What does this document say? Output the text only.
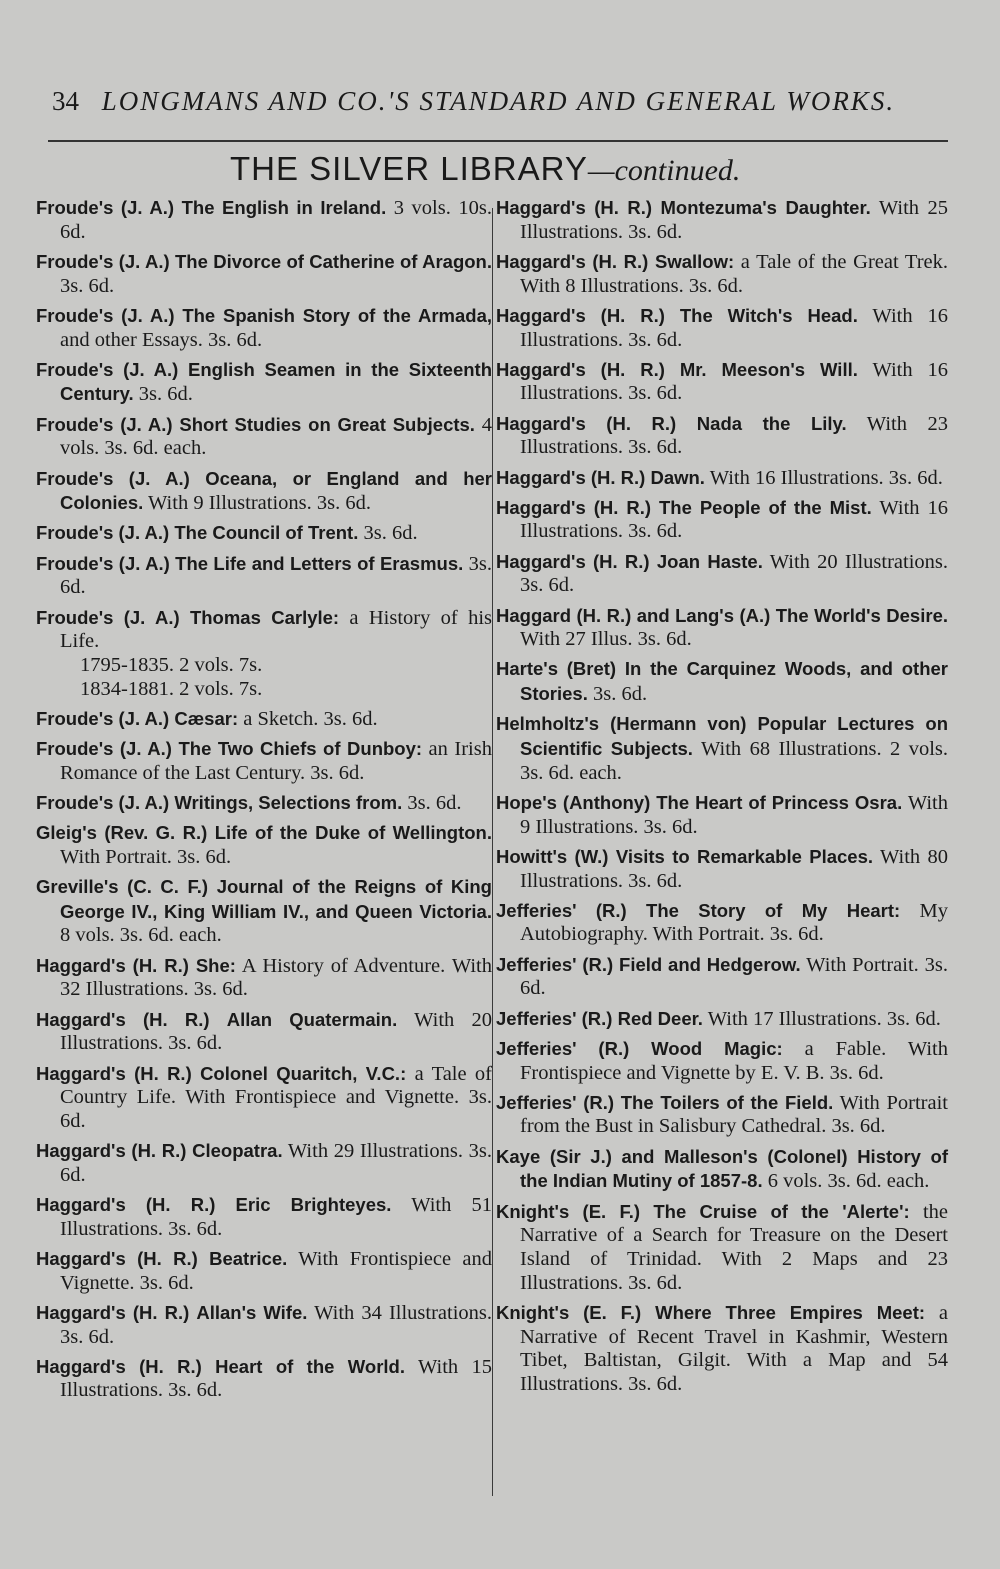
34 LONGMANS AND CO.'S STANDARD AND GENERAL WORKS.
THE SILVER LIBRARY—continued.
Froude's (J. A.) The English in Ireland. 3 vols. 10s. 6d.
Froude's (J. A.) The Divorce of Catherine of Aragon. 3s. 6d.
Froude's (J. A.) The Spanish Story of the Armada, and other Essays. 3s. 6d.
Froude's (J. A.) English Seamen in the Sixteenth Century. 3s. 6d.
Froude's (J. A.) Short Studies on Great Subjects. 4 vols. 3s. 6d. each.
Froude's (J. A.) Oceana, or England and her Colonies. With 9 Illustrations. 3s. 6d.
Froude's (J. A.) The Council of Trent. 3s. 6d.
Froude's (J. A.) The Life and Letters of Erasmus. 3s. 6d.
Froude's (J. A.) Thomas Carlyle: a History of his Life.
1795-1835. 2 vols. 7s.
1834-1881. 2 vols. 7s.
Froude's (J. A.) Cæsar: a Sketch. 3s. 6d.
Froude's (J. A.) The Two Chiefs of Dunboy: an Irish Romance of the Last Century. 3s. 6d.
Froude's (J. A.) Writings, Selections from. 3s. 6d.
Gleig's (Rev. G. R.) Life of the Duke of Wellington. With Portrait. 3s. 6d.
Greville's (C. C. F.) Journal of the Reigns of King George IV., King William IV., and Queen Victoria. 8 vols. 3s. 6d. each.
Haggard's (H. R.) She: A History of Adventure. With 32 Illustrations. 3s. 6d.
Haggard's (H. R.) Allan Quatermain. With 20 Illustrations. 3s. 6d.
Haggard's (H. R.) Colonel Quaritch, V.C.: a Tale of Country Life. With Frontispiece and Vignette. 3s. 6d.
Haggard's (H. R.) Cleopatra. With 29 Illustrations. 3s. 6d.
Haggard's (H. R.) Eric Brighteyes. With 51 Illustrations. 3s. 6d.
Haggard's (H. R.) Beatrice. With Frontispiece and Vignette. 3s. 6d.
Haggard's (H. R.) Allan's Wife. With 34 Illustrations. 3s. 6d.
Haggard's (H. R.) Heart of the World. With 15 Illustrations. 3s. 6d.
Haggard's (H. R.) Montezuma's Daughter. With 25 Illustrations. 3s. 6d.
Haggard's (H. R.) Swallow: a Tale of the Great Trek. With 8 Illustrations. 3s. 6d.
Haggard's (H. R.) The Witch's Head. With 16 Illustrations. 3s. 6d.
Haggard's (H. R.) Mr. Meeson's Will. With 16 Illustrations. 3s. 6d.
Haggard's (H. R.) Nada the Lily. With 23 Illustrations. 3s. 6d.
Haggard's (H. R.) Dawn. With 16 Illustrations. 3s. 6d.
Haggard's (H. R.) The People of the Mist. With 16 Illustrations. 3s. 6d.
Haggard's (H. R.) Joan Haste. With 20 Illustrations. 3s. 6d.
Haggard (H. R.) and Lang's (A.) The World's Desire. With 27 Illus. 3s. 6d.
Harte's (Bret) In the Carquinez Woods, and other Stories. 3s. 6d.
Helmholtz's (Hermann von) Popular Lectures on Scientific Subjects. With 68 Illustrations. 2 vols. 3s. 6d. each.
Hope's (Anthony) The Heart of Princess Osra. With 9 Illustrations. 3s. 6d.
Howitt's (W.) Visits to Remarkable Places. With 80 Illustrations. 3s. 6d.
Jefferies' (R.) The Story of My Heart: My Autobiography. With Portrait. 3s. 6d.
Jefferies' (R.) Field and Hedgerow. With Portrait. 3s. 6d.
Jefferies' (R.) Red Deer. With 17 Illustrations. 3s. 6d.
Jefferies' (R.) Wood Magic: a Fable. With Frontispiece and Vignette by E. V. B. 3s. 6d.
Jefferies' (R.) The Toilers of the Field. With Portrait from the Bust in Salisbury Cathedral. 3s. 6d.
Kaye (Sir J.) and Malleson's (Colonel) History of the Indian Mutiny of 1857-8. 6 vols. 3s. 6d. each.
Knight's (E. F.) The Cruise of the 'Alerte': the Narrative of a Search for Treasure on the Desert Island of Trinidad. With 2 Maps and 23 Illustrations. 3s. 6d.
Knight's (E. F.) Where Three Empires Meet: a Narrative of Recent Travel in Kashmir, Western Tibet, Baltistan, Gilgit. With a Map and 54 Illustrations. 3s. 6d.
